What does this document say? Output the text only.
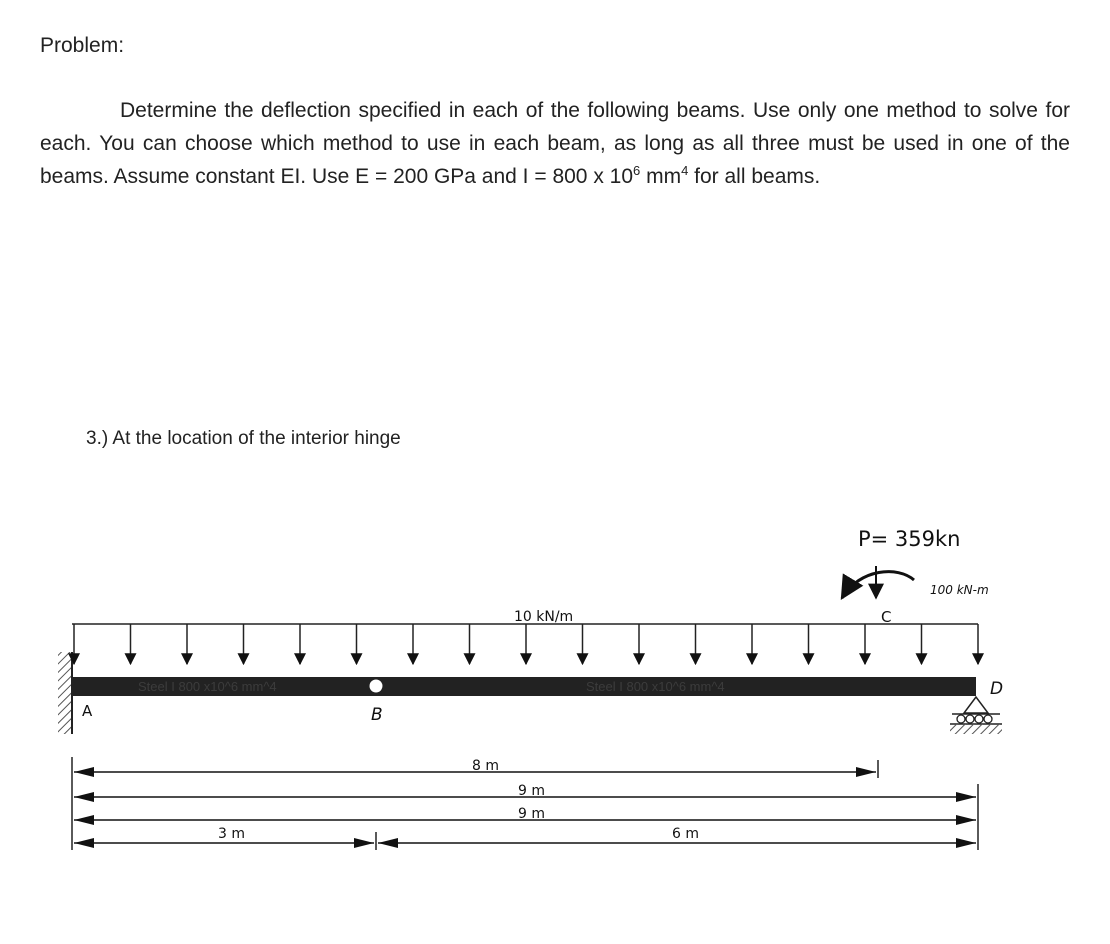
Problem:
Determine the deflection specified in each of the following beams. Use only one method to solve for each. You can choose which method to use in each beam, as long as all three must be used in one of the beams. Assume constant EI. Use E = 200 GPa and I = 800 x $10^6$ $mm^4$ for all beams.
3.) At the location of the interior hinge
Steel I 800 x10^6 mm^4	Steel I 800 x10^6 mm^4
A	B
C
D
P= 359kn
100 kN-m
10 kN/m
8 m
9 m
9 m
3 m	6 m
